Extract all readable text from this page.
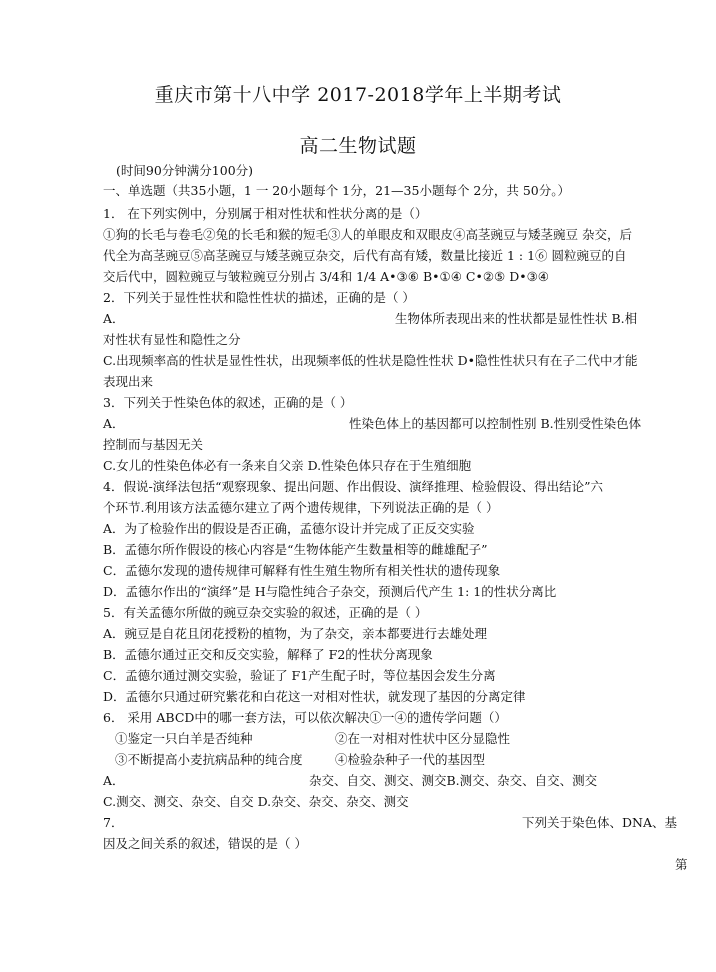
重庆市第十八中学 2017-2018学年上半期考试
高二生物试题
(时间90分钟满分100分)
一、单选题（共35小题，1 一 20小题每个 1分，21—35小题每个 2分，共 50分。）
1． 在下列实例中，分别属于相对性状和性状分离的是（）
①狗的长毛与卷毛②兔的长毛和猴的短毛③人的单眼皮和双眼皮④高茎豌豆与矮茎豌豆 杂交，后
代全为高茎豌豆⑤高茎豌豆与矮茎豌豆杂交，后代有高有矮，数量比接近 1 : 1⑥ 圆粒豌豆的自
交后代中，圆粒豌豆与皱粒豌豆分别占 3/4和 1/4 A•③⑥ B•①④ C•②⑤ D•③④
2．下列关于显性性状和隐性性状的描述，正确的是（ ）
A．	生物体所表现出来的性状都是显性性状 B.相
对性状有显性和隐性之分
C.出现频率高的性状是显性性状，出现频率低的性状是隐性性状 D•隐性性状只有在子二代中才能
表现出来
3．下列关于性染色体的叙述，正确的是（ ）
A．	性染色体上的基因都可以控制性别 B.性别受性染色体
控制而与基因无关
C.女儿的性染色体必有一条来自父亲 D.性染色体只存在于生殖细胞
4．假说-演绎法包括“观察现象、提出问题、作出假设、演绎推理、检验假设、得出结论”六
个环节.利用该方法孟德尔建立了两个遗传规律，下列说法正确的是（ ）
A．为了检验作出的假设是否正确，孟德尔设计并完成了正反交实验
B．孟德尔所作假设的核心内容是“生物体能产生数量相等的雌雄配子”
C．孟德尔发现的遗传规律可解释有性生殖生物所有相关性状的遗传现象
D．孟德尔作出的“演绎”是 H与隐性纯合子杂交，预测后代产生 1: 1的性状分离比
5．有关孟德尔所做的豌豆杂交实验的叙述，正确的是（ ）
A．豌豆是自花且闭花授粉的植物，为了杂交，亲本都要进行去雄处理
B．孟德尔通过正交和反交实验，解释了 F2的性状分离现象
C．孟德尔通过测交实验，验证了 F1产生配子时，等位基因会发生分离
D．孟德尔只通过研究紫花和白花这一对相对性状，就发现了基因的分离定律
6． 采用 ABCD中的哪一套方法，可以依次解决①一④的遗传学问题（）
①鉴定一只白羊是否纯种	②在一对相对性状中区分显隐性
③不断提高小麦抗病品种的纯合度	④检验杂种子一代的基因型
A．	杂交、自交、测交、测交B.测交、杂交、自交、测交
C.测交、测交、杂交、自交 D.杂交、杂交、杂交、测交
7．	下列关于染色体、DNA、基
因及之间关系的叙述，错误的是（ ）
第
